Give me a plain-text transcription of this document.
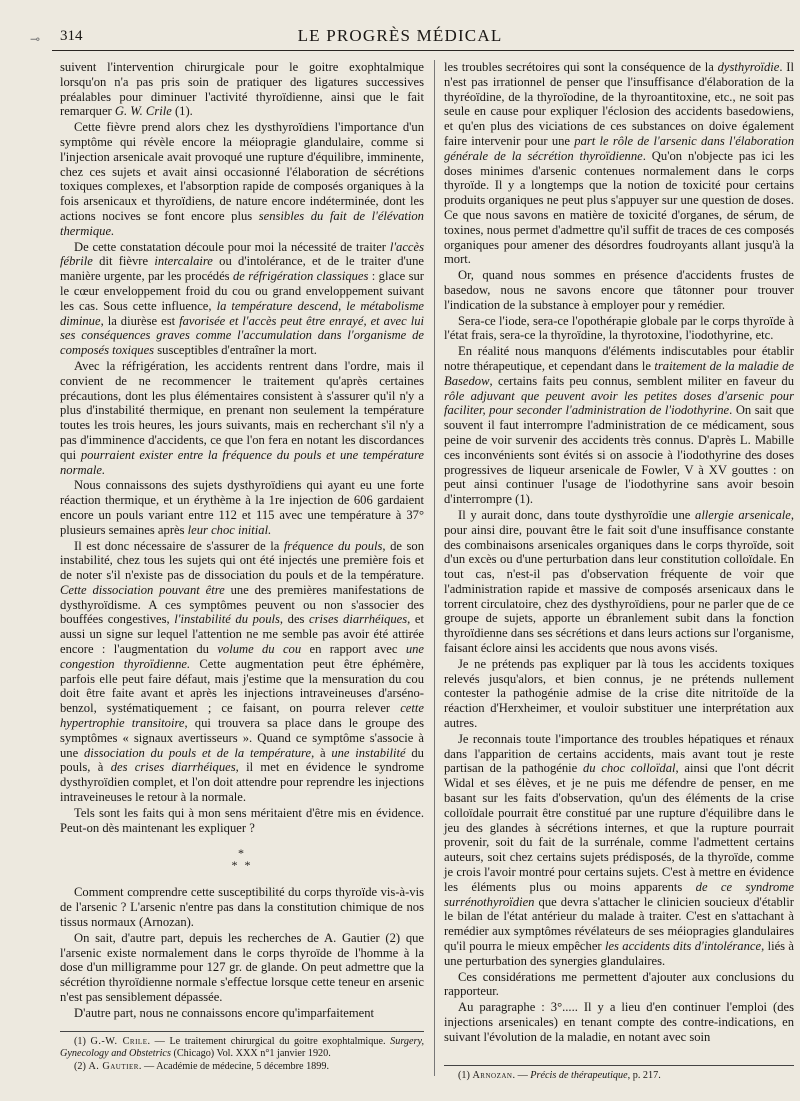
⊸ 314	LE PROGRÈS MÉDICAL

suivent l'intervention chirurgicale pour le goitre exophtalmique lorsqu'on n'a pas pris soin de pratiquer des ligatures successives préalables pour diminuer l'activité thyroïdienne, ainsi que le fait remarquer G. W. Crile (1).

Cette fièvre prend alors chez les dysthyroïdiens l'importance d'un symptôme qui révèle encore la méiopragie glandulaire, comme si l'injection arsenicale avait provoqué une rupture d'équilibre, imminente, chez ces sujets et avait ainsi occasionné l'élaboration de sécrétions toxiques complexes, et l'absorption rapide de composés organiques à la fois arsenicaux et thyroïdiens, de nature encore indéterminée, dont les actions nocives se font encore plus sensibles du fait de l'élévation thermique.

De cette constatation découle pour moi la nécessité de traiter l'accès fébrile dit fièvre intercalaire ou d'intolérance, et de le traiter d'une manière urgente, par les procédés de réfrigération classiques : glace sur le cœur enveloppement froid du cou ou grand enveloppement suivant les cas. Sous cette influence, la température descend, le métabolisme diminue, la diurèse est favorisée et l'accès peut être enrayé, et avec lui ses conséquences graves comme l'accumulation dans l'organisme de composés toxiques susceptibles d'entraîner la mort.

Avec la réfrigération, les accidents rentrent dans l'ordre, mais il convient de ne recommencer le traitement qu'après certaines précautions, dont les plus élémentaires consistent à s'assurer qu'il n'y a plus d'instabilité thermique, en prenant non seulement la température toutes les trois heures, les jours suivants, mais en recherchant s'il n'y a pas d'imminence d'accidents, ce que l'on fera en notant les discordances qui pourraient exister entre la fréquence du pouls et une température normale.

Nous connaissons des sujets dysthyroïdiens qui ayant eu une forte réaction thermique, et un érythème à la 1re injection de 606 gardaient encore un pouls variant entre 112 et 115 avec une température à 37° plusieurs semaines après leur choc initial.

Il est donc nécessaire de s'assurer de la fréquence du pouls, de son instabilité, chez tous les sujets qui ont été injectés une première fois et de noter s'il n'existe pas de dissociation du pouls et de la température. Cette dissociation pouvant être une des premières manifestations de dysthyroïdisme. A ces symptômes peuvent ou non s'associer des bouffées congestives, l'instabilité du pouls, des crises diarrhéiques, et aussi un signe sur lequel l'attention ne me semble pas avoir été attirée encore : l'augmentation du volume du cou en rapport avec une congestion thyroïdienne. Cette augmentation peut être éphémère, parfois elle peut faire défaut, mais j'estime que la mensuration du cou doit être faite avant et après les injections intraveineuses d'arséno-benzol, systématiquement ; ce faisant, on pourra relever cette hypertrophie transitoire, qui trouvera sa place dans le groupe des symptômes « signaux avertisseurs ». Quand ce symptôme s'associe à une dissociation du pouls et de la température, à une instabilité du pouls, à des crises diarrhéiques, il met en évidence le syndrome dysthyroïdien complet, et l'on doit attendre pour reprendre les injections intraveineuses le retour à la normale.

Tels sont les faits qui à mon sens méritaient d'être mis en évidence. Peut-on dès maintenant les expliquer ?

*
* *

Comment comprendre cette susceptibilité du corps thyroïde vis-à-vis de l'arsenic ? L'arsenic n'entre pas dans la constitution chimique de nos tissus normaux (Arnozan).

On sait, d'autre part, depuis les recherches de A. Gautier (2) que l'arsenic existe normalement dans le corps thyroïde de l'homme à la dose d'un milligramme pour 127 gr. de glande. On peut admettre que la sécrétion thyroïdienne normale s'effectue lorsque cette teneur en arsenic n'est pas sensiblement dépassée.

D'autre part, nous ne connaissons encore qu'imparfaitement

(1) G.-W. Crile. — Le traitement chirurgical du goitre exophtalmique. Surgery, Gynecology and Obstetrics (Chicago) Vol. XXX n°1 janvier 1920.

(2) A. Gautier. — Académie de médecine, 5 décembre 1899.

les troubles secrétoires qui sont la conséquence de la dysthyroïdie. Il n'est pas irrationnel de penser que l'insuffisance d'élaboration de la thyréoïdine, de la thyroïodine, de la thyroantitoxine, etc., ne soit pas seule en cause pour expliquer l'éclosion des accidents basedowiens, et qu'en plus des viciations de ces substances on doive également faire intervenir pour une part le rôle de l'arsenic dans l'élaboration générale de la sécrétion thyroïdienne. Qu'on n'objecte pas ici les doses minimes d'arsenic contenues normalement dans le corps thyroïde. Il y a longtemps que la notion de toxicité pour certains produits organiques ne peut plus s'appuyer sur une question de doses. Ce que nous savons en matière de toxicité d'organes, de sérum, de toxines, nous permet d'admettre qu'il suffit de traces de ces composés organiques pour amener des désordres foudroyants allant jusqu'à la mort.

Or, quand nous sommes en présence d'accidents frustes de basedow, nous ne savons encore que tâtonner pour trouver l'indication de la substance à employer pour y remédier.

Sera-ce l'iode, sera-ce l'opothérapie globale par le corps thyroïde à l'état frais, sera-ce la thyroïdine, la thyrotoxine, l'iodothyrine, etc.

En réalité nous manquons d'éléments indiscutables pour établir notre thérapeutique, et cependant dans le traitement de la maladie de Basedow, certains faits peu connus, semblent militer en faveur du rôle adjuvant que peuvent avoir les petites doses d'arsenic pour faciliter, pour seconder l'administration de l'iodothyrine. On sait que souvent il faut interrompre l'administration de ce médicament, sous peine de voir survenir des accidents très connus. D'après L. Mabille ces inconvénients sont évités si on associe à l'iodothyrine des doses progressives de liqueur arsenicale de Fowler, V à XV gouttes : on peut ainsi continuer l'usage de l'iodothyrine sans avoir besoin d'interrompre (1).

Il y aurait donc, dans toute dysthyroïdie une allergie arsenicale, pour ainsi dire, pouvant être le fait soit d'une insuffisance constante des combinaisons arsenicales organiques dans le corps thyroïde, soit d'un excès ou d'une perturbation dans leur constitution colloïdale. En tout cas, n'est-il pas d'observation fréquente de voir que l'administration rapide et massive de composés arsenicaux dans le torrent circulatoire, chez des dysthyroïdiens, pour ne parler que de ce groupe de sujets, apporte un ébranlement subit dans la fonction thyroïdienne dans ses sécrétions et dans leurs actions sur l'organisme, faisant éclore ainsi les accidents que nous avons visés.

Je ne prétends pas expliquer par là tous les accidents toxiques relevés jusqu'alors, et bien connus, je ne prétends nullement contester la pathogénie admise de la crise dite nitritoïde de la réaction d'Herxheimer, et vouloir substituer une interprétation aux autres.

Je reconnais toute l'importance des troubles hépatiques et rénaux dans l'apparition de certains accidents, mais avant tout je reste partisan de la pathogénie du choc colloïdal, ainsi que l'ont décrit Widal et ses élèves, et je ne puis me défendre de penser, en me basant sur les faits d'observation, qu'un des éléments de la crise colloïdale pourrait être constitué par une rupture d'équilibre dans le jeu des glandes à sécrétions internes, et que la rupture pourrait provenir, soit du fait de la surrénale, comme l'admettent certains auteurs, soit chez certains sujets prédisposés, de la thyroïde, comme je crois l'avoir montré pour certains sujets. C'est à mettre en évidence les éléments plus ou moins apparents de ce syndrome surrénothyroïdien que devra s'attacher le clinicien soucieux d'établir le bilan de l'état antérieur du malade à traiter. C'est en s'attachant à remédier aux symptômes révélateurs de ses méiopragies glandulaires qu'il pourra le mieux empêcher les accidents dits d'intolérance, liés à une perturbation des synergies glandulaires.

Ces considérations me permettent d'ajouter aux conclusions du rapporteur.

Au paragraphe : 3°..... Il y a lieu d'en continuer l'emploi (des injections arsenicales) en tenant compte des contre-indications, en suivant l'évolution de la maladie, en notant avec soin

(1) Arnozan. — Précis de thérapeutique, p. 217.
